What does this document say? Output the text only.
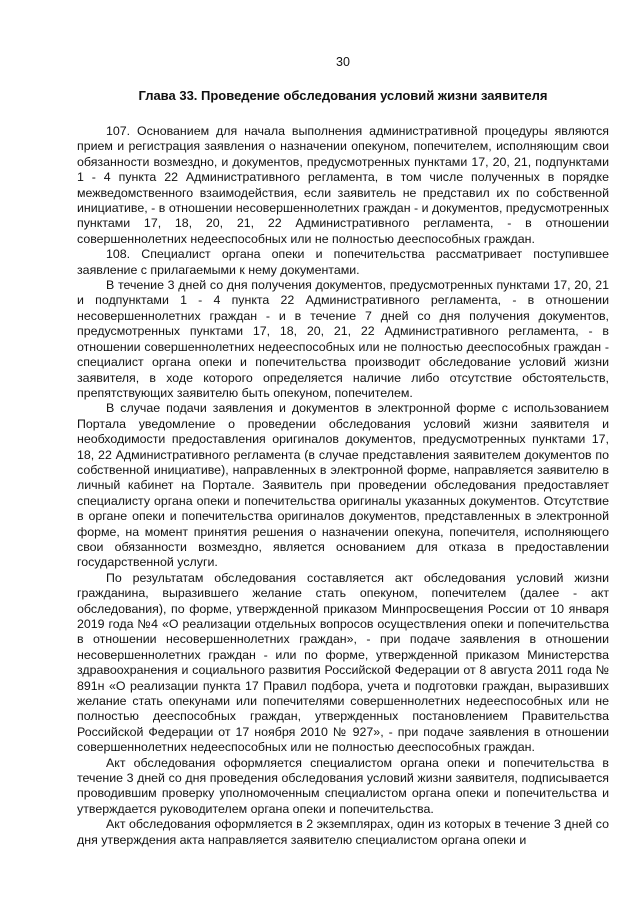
30
Глава 33. Проведение обследования условий жизни заявителя

107. Основанием для начала выполнения административной процедуры являются прием и регистрация заявления о назначении опекуном, попечителем, исполняющим свои обязанности возмездно, и документов, предусмотренных пунктами 17, 20, 21, подпунктами 1 - 4 пункта 22 Административного регламента, в том числе полученных в порядке межведомственного взаимодействия, если заявитель не представил их по собственной инициативе, - в отношении несовершеннолетних граждан - и документов, предусмотренных пунктами 17, 18, 20, 21, 22 Административного регламента, - в отношении совершеннолетних недееспособных или не полностью дееспособных граждан.

108. Специалист органа опеки и попечительства рассматривает поступившее заявление с прилагаемыми к нему документами.

В течение 3 дней со дня получения документов, предусмотренных пунктами 17, 20, 21 и подпунктами 1 - 4 пункта 22 Административного регламента, - в отношении несовершеннолетних граждан - и в течение 7 дней со дня получения документов, предусмотренных пунктами 17, 18, 20, 21, 22 Административного регламента, - в отношении совершеннолетних недееспособных или не полностью дееспособных граждан - специалист органа опеки и попечительства производит обследование условий жизни заявителя, в ходе которого определяется наличие либо отсутствие обстоятельств, препятствующих заявителю быть опекуном, попечителем.

В случае подачи заявления и документов в электронной форме с использованием Портала уведомление о проведении обследования условий жизни заявителя и необходимости предоставления оригиналов документов, предусмотренных пунктами 17, 18, 22 Административного регламента (в случае представления заявителем документов по собственной инициативе), направленных в электронной форме, направляется заявителю в личный кабинет на Портале. Заявитель при проведении обследования предоставляет специалисту органа опеки и попечительства оригиналы указанных документов. Отсутствие в органе опеки и попечительства оригиналов документов, представленных в электронной форме, на момент принятия решения о назначении опекуна, попечителя, исполняющего свои обязанности возмездно, является основанием для отказа в предоставлении государственной услуги.

По результатам обследования составляется акт обследования условий жизни гражданина, выразившего желание стать опекуном, попечителем (далее - акт обследования), по форме, утвержденной приказом Минпросвещения России от 10 января 2019 года №4 «О реализации отдельных вопросов осуществления опеки и попечительства в отношении несовершеннолетних граждан», - при подаче заявления в отношении несовершеннолетних граждан - или по форме, утвержденной приказом Министерства здравоохранения и социального развития Российской Федерации от 8 августа 2011 года № 891н «О реализации пункта 17 Правил подбора, учета и подготовки граждан, выразивших желание стать опекунами или попечителями совершеннолетних недееспособных или не полностью дееспособных граждан, утвержденных постановлением Правительства Российской Федерации от 17 ноября 2010 № 927», - при подаче заявления в отношении совершеннолетних недееспособных или не полностью дееспособных граждан.

Акт обследования оформляется специалистом органа опеки и попечительства в течение 3 дней со дня проведения обследования условий жизни заявителя, подписывается проводившим проверку уполномоченным специалистом органа опеки и попечительства и утверждается руководителем органа опеки и попечительства.

Акт обследования оформляется в 2 экземплярах, один из которых в течение 3 дней со дня утверждения акта направляется заявителю специалистом органа опеки и
